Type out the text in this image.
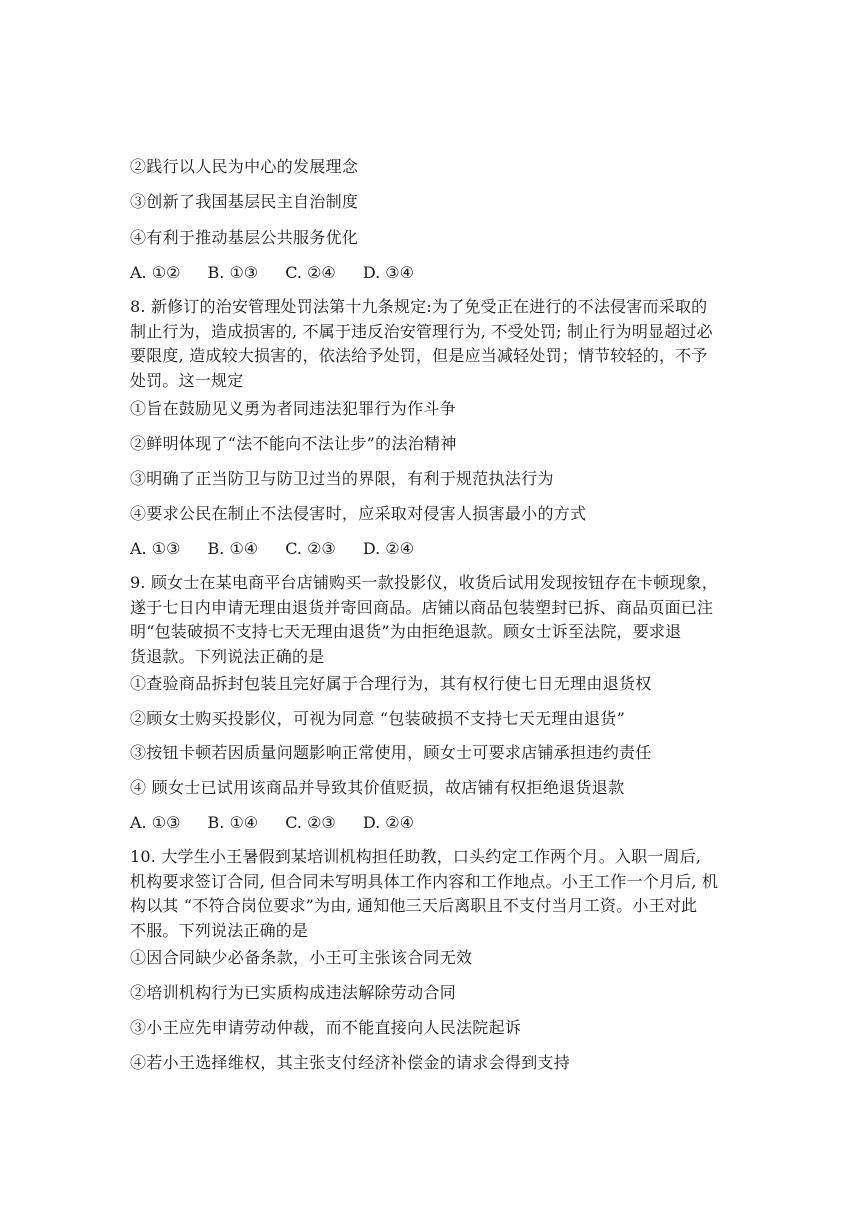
②践行以人民为中心的发展理念
③创新了我国基层民主自治制度
④有利于推动基层公共服务优化
A. ①② B. ①③ C. ②④ D. ③④
8. 新修订的治安管理处罚法第十九条规定:为了免受正在进行的不法侵害而采取的
制止行为，造成损害的, 不属于违反治安管理行为, 不受处罚; 制止行为明显超过必
要限度, 造成较大损害的，依法给予处罚，但是应当减轻处罚；情节较轻的，不予
处罚。这一规定
①旨在鼓励见义勇为者同违法犯罪行为作斗争
②鲜明体现了“法不能向不法让步”的法治精神
③明确了正当防卫与防卫过当的界限，有利于规范执法行为
④要求公民在制止不法侵害时，应采取对侵害人损害最小的方式
A. ①③ B. ①④ C. ②③ D. ②④
9. 顾女士在某电商平台店铺购买一款投影仪，收货后试用发现按钮存在卡顿现象，
遂于七日内申请无理由退货并寄回商品。店铺以商品包装塑封已拆、商品页面已注
明“包装破损不支持七天无理由退货”为由拒绝退款。顾女士诉至法院，要求退
货退款。下列说法正确的是
①查验商品拆封包装且完好属于合理行为，其有权行使七日无理由退货权
②顾女士购买投影仪，可视为同意 “包装破损不支持七天无理由退货”
③按钮卡顿若因质量问题影响正常使用，顾女士可要求店铺承担违约责任
④ 顾女士已试用该商品并导致其价值贬损，故店铺有权拒绝退货退款
A. ①③ B. ①④ C. ②③ D. ②④
10. 大学生小王暑假到某培训机构担任助教，口头约定工作两个月。入职一周后,
机构要求签订合同, 但合同未写明具体工作内容和工作地点。小王工作一个月后, 机
构以其 “不符合岗位要求”为由, 通知他三天后离职且不支付当月工资。小王对此
不服。下列说法正确的是
①因合同缺少必备条款，小王可主张该合同无效
②培训机构行为已实质构成违法解除劳动合同
③小王应先申请劳动仲裁，而不能直接向人民法院起诉
④若小王选择维权，其主张支付经济补偿金的请求会得到支持
